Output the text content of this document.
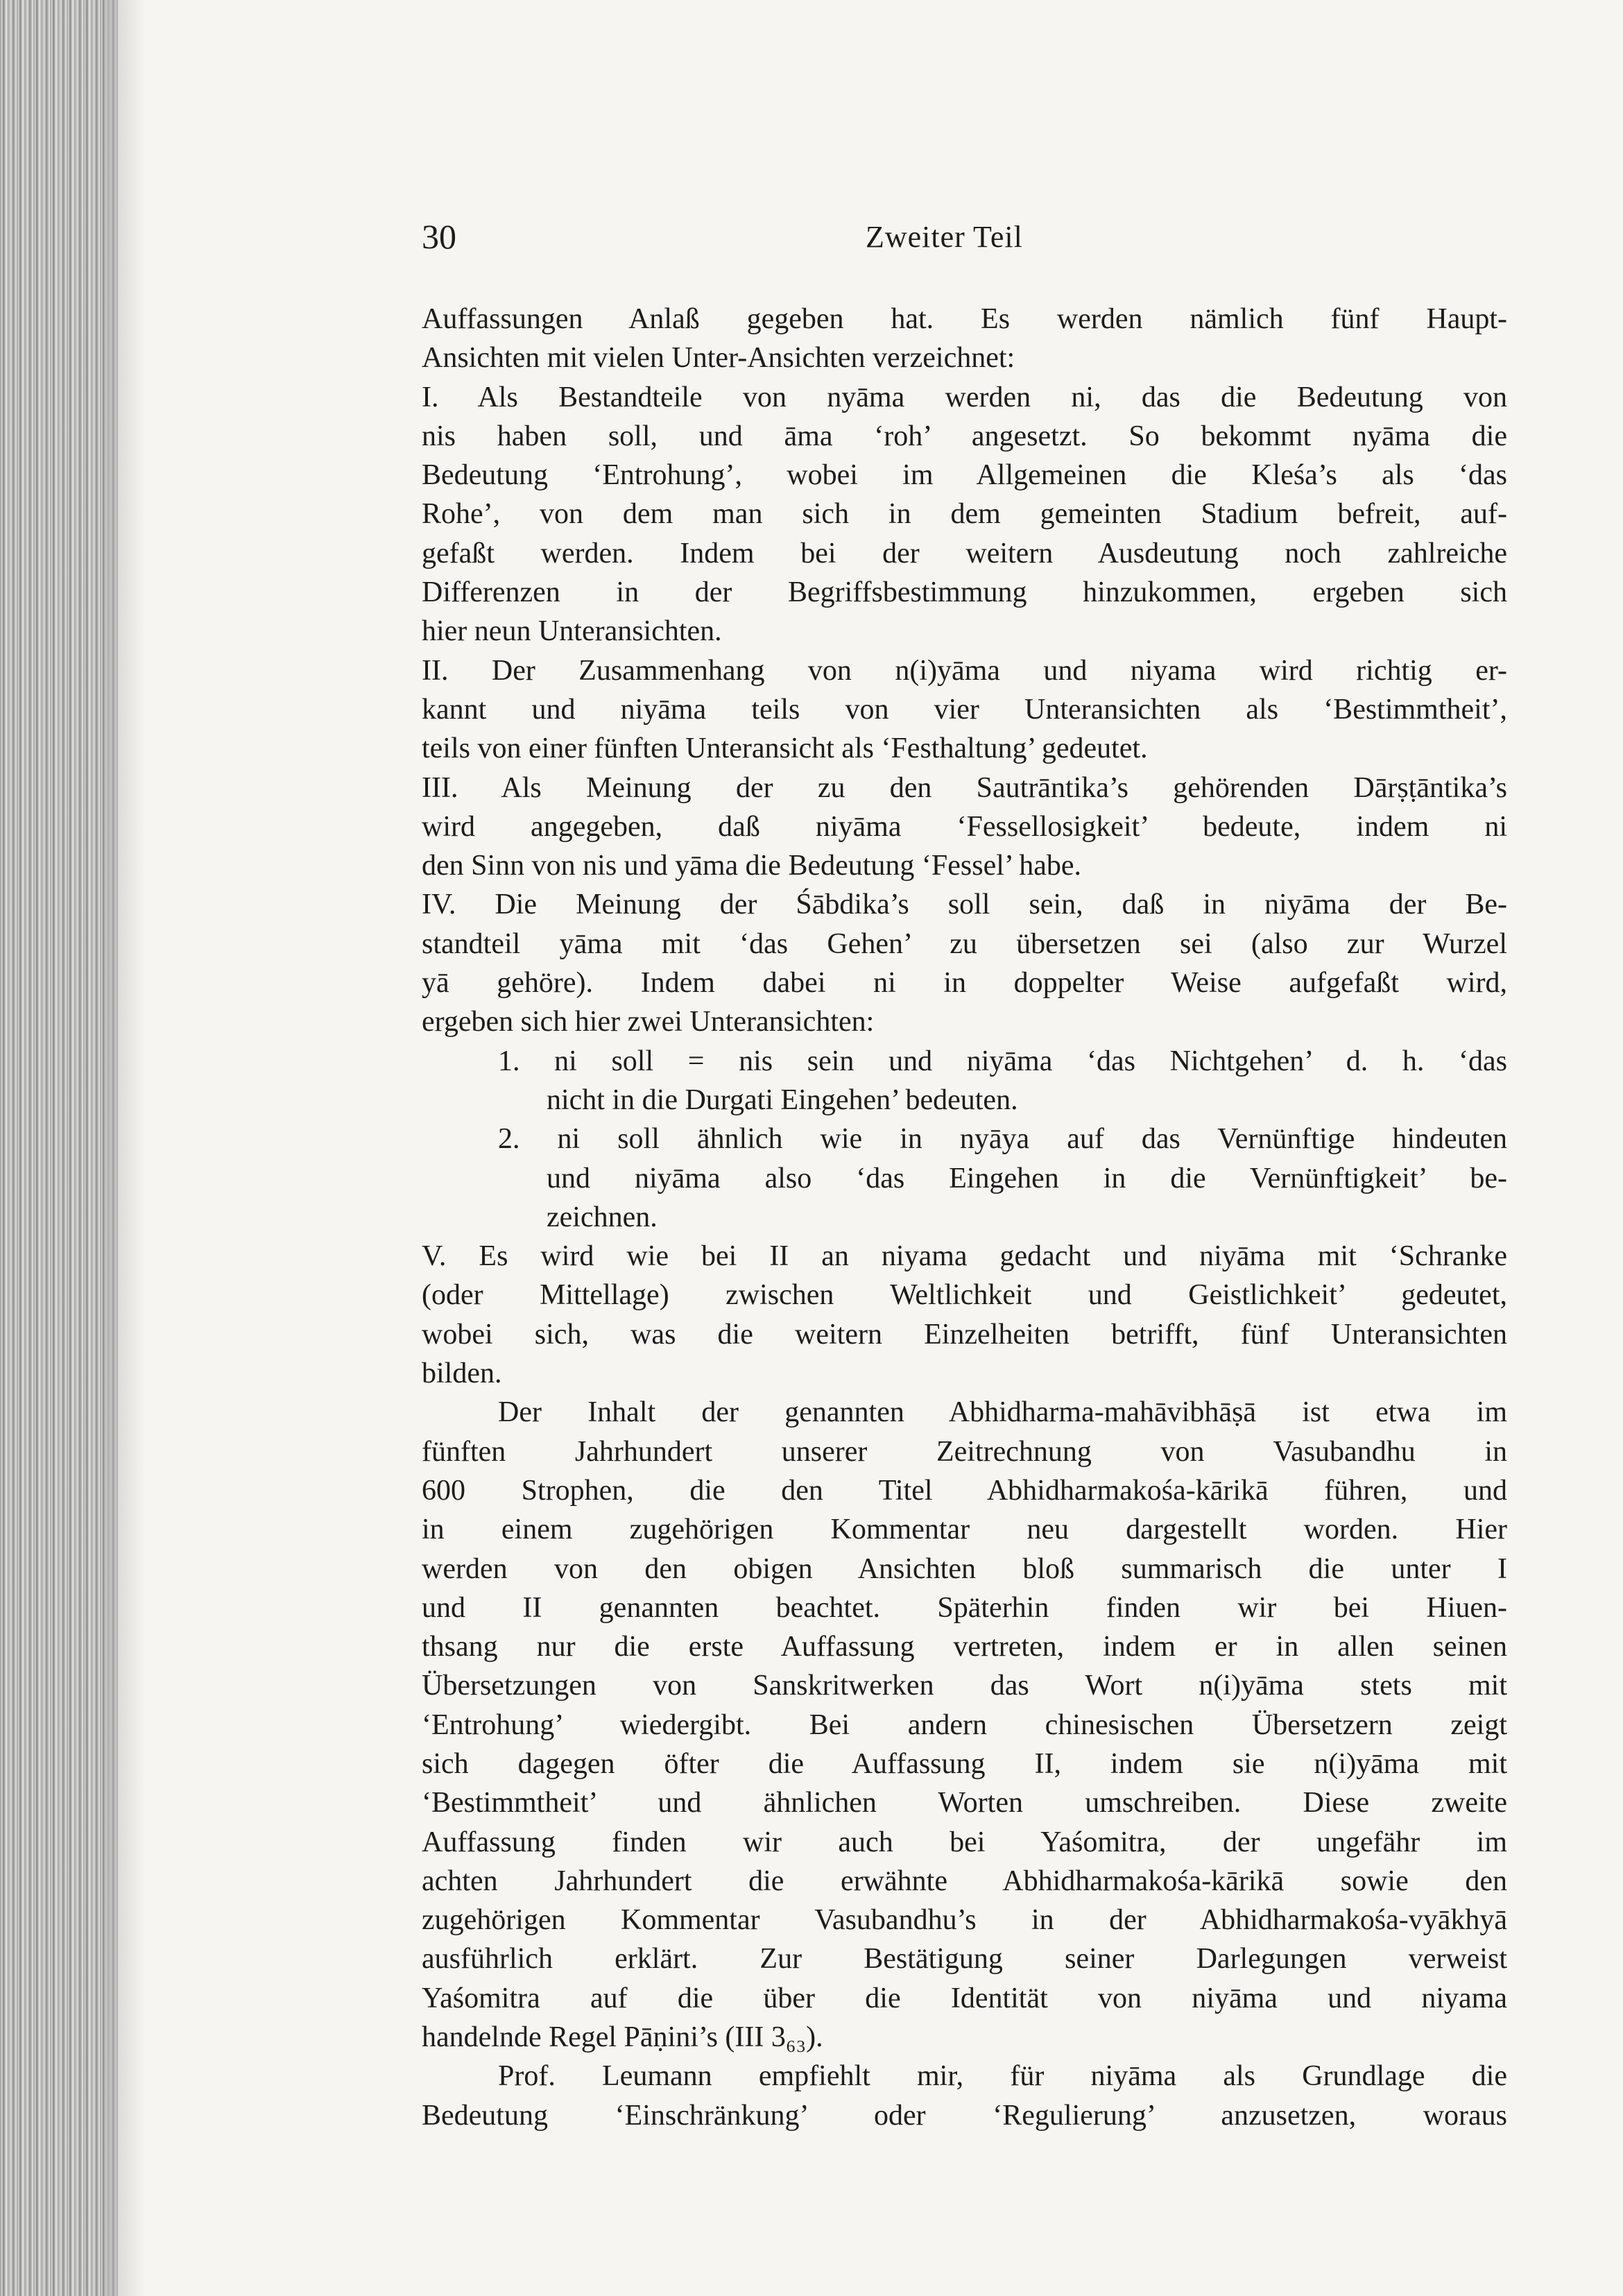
30	Zweiter Teil
Auffassungen Anlaß gegeben hat. Es werden nämlich fünf Haupt-
Ansichten mit vielen Unter-Ansichten verzeichnet:
I. Als Bestandteile von nyāma werden ni, das die Bedeutung von
nis haben soll, und āma ‘roh’ angesetzt. So bekommt nyāma die
Bedeutung ‘Entrohung’, wobei im Allgemeinen die Kleśa’s als ‘das
Rohe’, von dem man sich in dem gemeinten Stadium befreit, auf-
gefaßt werden. Indem bei der weitern Ausdeutung noch zahlreiche
Differenzen in der Begriffsbestimmung hinzukommen, ergeben sich
hier neun Unteransichten.
II. Der Zusammenhang von n(i)yāma und niyama wird richtig er-
kannt und niyāma teils von vier Unteransichten als ‘Bestimmtheit’,
teils von einer fünften Unteransicht als ‘Festhaltung’ gedeutet.
III. Als Meinung der zu den Sautrāntika’s gehörenden Dārṣṭāntika’s
wird angegeben, daß niyāma ‘Fessellosigkeit’ bedeute, indem ni
den Sinn von nis und yāma die Bedeutung ‘Fessel’ habe.
IV. Die Meinung der Śābdika’s soll sein, daß in niyāma der Be-
standteil yāma mit ‘das Gehen’ zu übersetzen sei (also zur Wurzel
yā gehöre). Indem dabei ni in doppelter Weise aufgefaßt wird,
ergeben sich hier zwei Unteransichten:
1. ni soll = nis sein und niyāma ‘das Nichtgehen’ d. h. ‘das
nicht in die Durgati Eingehen’ bedeuten.
2. ni soll ähnlich wie in nyāya auf das Vernünftige hindeuten
und niyāma also ‘das Eingehen in die Vernünftigkeit’ be-
zeichnen.
V. Es wird wie bei II an niyama gedacht und niyāma mit ‘Schranke
(oder Mittellage) zwischen Weltlichkeit und Geistlichkeit’ gedeutet,
wobei sich, was die weitern Einzelheiten betrifft, fünf Unteransichten
bilden.
Der Inhalt der genannten Abhidharma-mahāvibhāṣā ist etwa im
fünften Jahrhundert unserer Zeitrechnung von Vasubandhu in
600 Strophen, die den Titel Abhidharmakośa-kārikā führen, und
in einem zugehörigen Kommentar neu dargestellt worden. Hier
werden von den obigen Ansichten bloß summarisch die unter I
und II genannten beachtet. Späterhin finden wir bei Hiuen-
thsang nur die erste Auffassung vertreten, indem er in allen seinen
Übersetzungen von Sanskritwerken das Wort n(i)yāma stets mit
‘Entrohung’ wiedergibt. Bei andern chinesischen Übersetzern zeigt
sich dagegen öfter die Auffassung II, indem sie n(i)yāma mit
‘Bestimmtheit’ und ähnlichen Worten umschreiben. Diese zweite
Auffassung finden wir auch bei Yaśomitra, der ungefähr im
achten Jahrhundert die erwähnte Abhidharmakośa-kārikā sowie den
zugehörigen Kommentar Vasubandhu’s in der Abhidharmakośa-vyākhyā
ausführlich erklärt. Zur Bestätigung seiner Darlegungen verweist
Yaśomitra auf die über die Identität von niyāma und niyama
handelnde Regel Pāṇini’s (III 3₆₃).
Prof. Leumann empfiehlt mir, für niyāma als Grundlage die
Bedeutung ‘Einschränkung’ oder ‘Regulierung’ anzusetzen, woraus
